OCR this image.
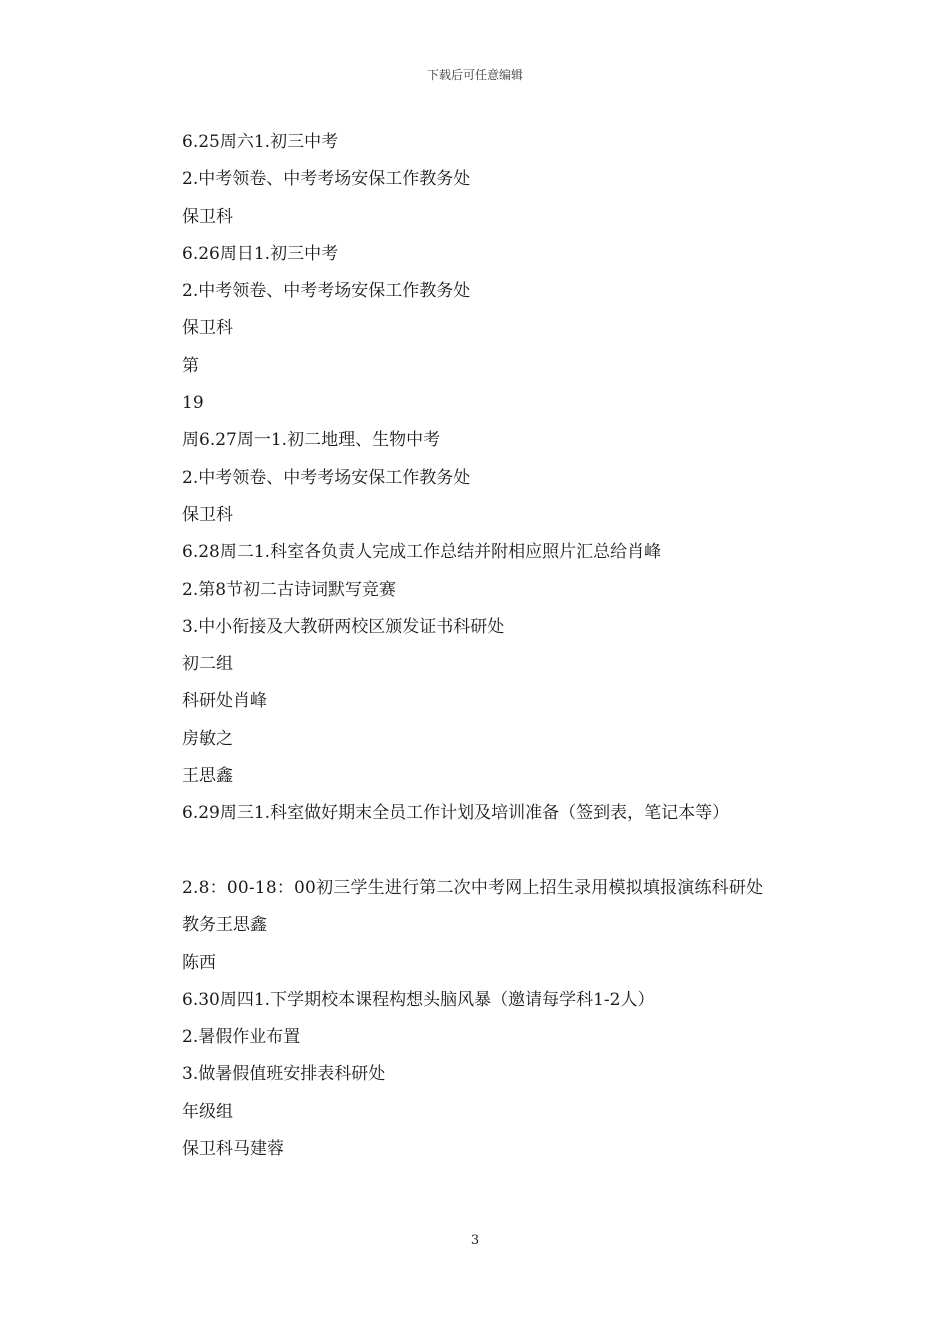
下载后可任意编辑
6.25周六1.初三中考
2.中考领卷、中考考场安保工作教务处
保卫科
6.26周日1.初三中考
2.中考领卷、中考考场安保工作教务处
保卫科
第
19
周6.27周一1.初二地理、生物中考
2.中考领卷、中考考场安保工作教务处
保卫科
6.28周二1.科室各负责人完成工作总结并附相应照片汇总给肖峰
2.第8节初二古诗词默写竞赛
3.中小衔接及大教研两校区颁发证书科研处
初二组
科研处肖峰
房敏之
王思鑫
6.29周三1.科室做好期末全员工作计划及培训准备（签到表，笔记本等）
2.8：00-18：00初三学生进行第二次中考网上招生录用模拟填报演练科研处
教务王思鑫
陈西
6.30周四1.下学期校本课程构想头脑风暴（邀请每学科1-2人）
2.暑假作业布置
3.做暑假值班安排表科研处
年级组
保卫科马建蓉
3
